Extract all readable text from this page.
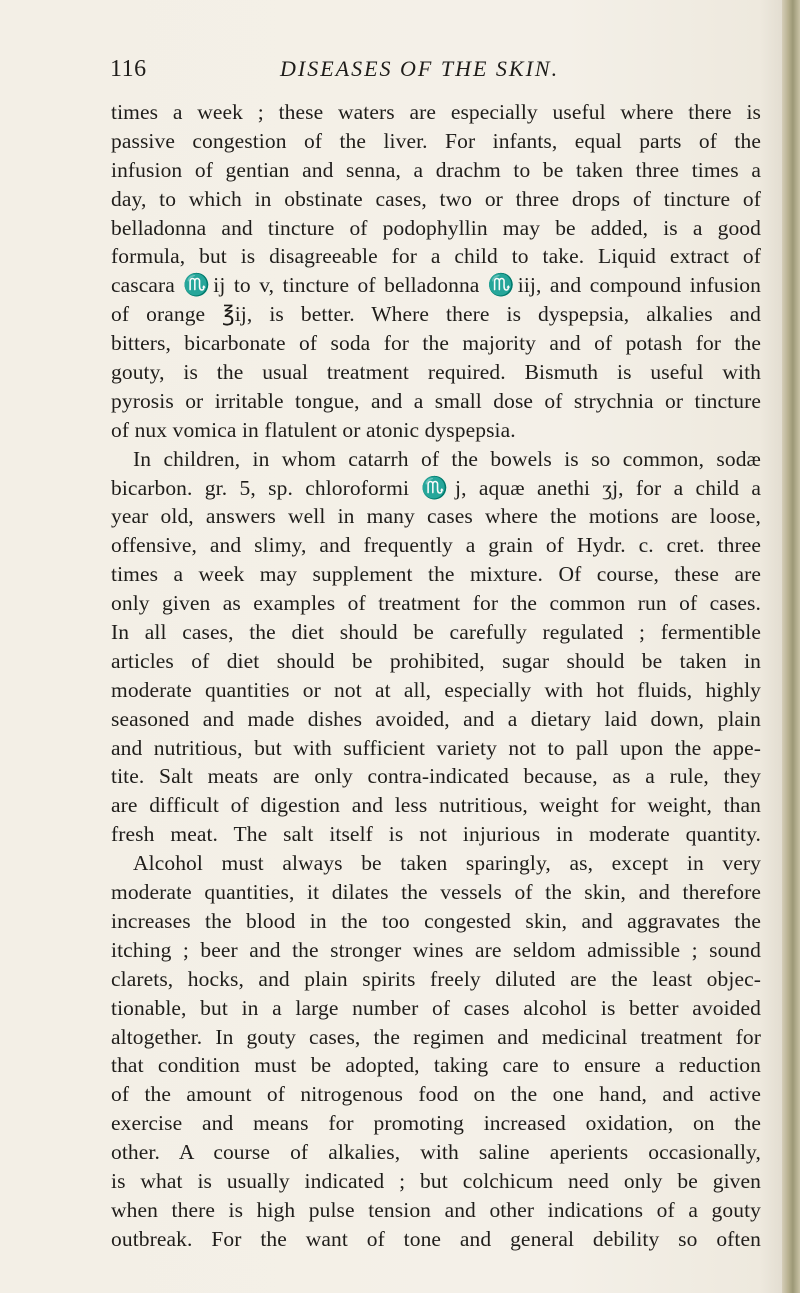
116	DISEASES OF THE SKIN.
times a week ; these waters are especially useful where there is
passive congestion of the liver. For infants, equal parts of the
infusion of gentian and senna, a drachm to be taken three times a
day, to which in obstinate cases, two or three drops of tincture of
belladonna and tincture of podophyllin may be added, is a good
formula, but is disagreeable for a child to take. Liquid extract of
cascara ♏ij to v, tincture of belladonna ♏iij, and compound infusion
of orange ℥ij, is better. Where there is dyspepsia, alkalies and
bitters, bicarbonate of soda for the majority and of potash for the
gouty, is the usual treatment required. Bismuth is useful with
pyrosis or irritable tongue, and a small dose of strychnia or tincture
of nux vomica in flatulent or atonic dyspepsia.
In children, in whom catarrh of the bowels is so common, sodæ
bicarbon. gr. 5, sp. chloroformi ♏j, aquæ anethi ʒj, for a child a
year old, answers well in many cases where the motions are loose,
offensive, and slimy, and frequently a grain of Hydr. c. cret. three
times a week may supplement the mixture. Of course, these are
only given as examples of treatment for the common run of cases.
In all cases, the diet should be carefully regulated ; fermentible
articles of diet should be prohibited, sugar should be taken in
moderate quantities or not at all, especially with hot fluids, highly
seasoned and made dishes avoided, and a dietary laid down, plain
and nutritious, but with sufficient variety not to pall upon the appe-
tite. Salt meats are only contra-indicated because, as a rule, they
are difficult of digestion and less nutritious, weight for weight, than
fresh meat. The salt itself is not injurious in moderate quantity.
Alcohol must always be taken sparingly, as, except in very
moderate quantities, it dilates the vessels of the skin, and therefore
increases the blood in the too congested skin, and aggravates the
itching ; beer and the stronger wines are seldom admissible ; sound
clarets, hocks, and plain spirits freely diluted are the least objec-
tionable, but in a large number of cases alcohol is better avoided
altogether. In gouty cases, the regimen and medicinal treatment for
that condition must be adopted, taking care to ensure a reduction
of the amount of nitrogenous food on the one hand, and active
exercise and means for promoting increased oxidation, on the
other. A course of alkalies, with saline aperients occasionally,
is what is usually indicated ; but colchicum need only be given
when there is high pulse tension and other indications of a gouty
outbreak. For the want of tone and general debility so often
